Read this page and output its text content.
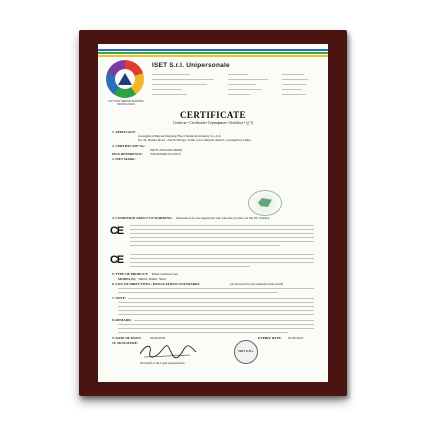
ISTITUTO SERVIZI EUROPEI TECNOLOGICI
ISET S.r.l. Unipersonale
CERTIFICATE
Certificat • Certificado• Сертификат • Zertifikat • 证书
1. APPLICANT:
Guangzhou Baiyun Daiyang Fine Chemical Industry Co.,Ltd
No.34, Baitao Road , North Village, Taihe town, Baiyun district, Guangzhou,China
2. CERTIFICATE No.:
ISETC.0912202106062
FILE REFERENCE: TAT20200614132JCN
3. ISET MARK:
4. CONDITION ABOUT CE MARKING: Instruction for the Applicant who puts the product on the EU market;
CE
CE
5. TYPE OF PRODUCT: Hand Sanitizer Gel
MODEL(S): 500ml, 300ml, 50ml
6. LIST OF DIRECTIVES / REGULATIONS-STANDARDS	(as declared by the manufacturer itself)
7. NOTE:
8. REMARK:
9. DATE OF ISSUE: 02.06.2020	EXPIRY DATE: 01.06.2023
10. SIGNATURE:
On behalf of the Legal representative
ISET S.R.L
